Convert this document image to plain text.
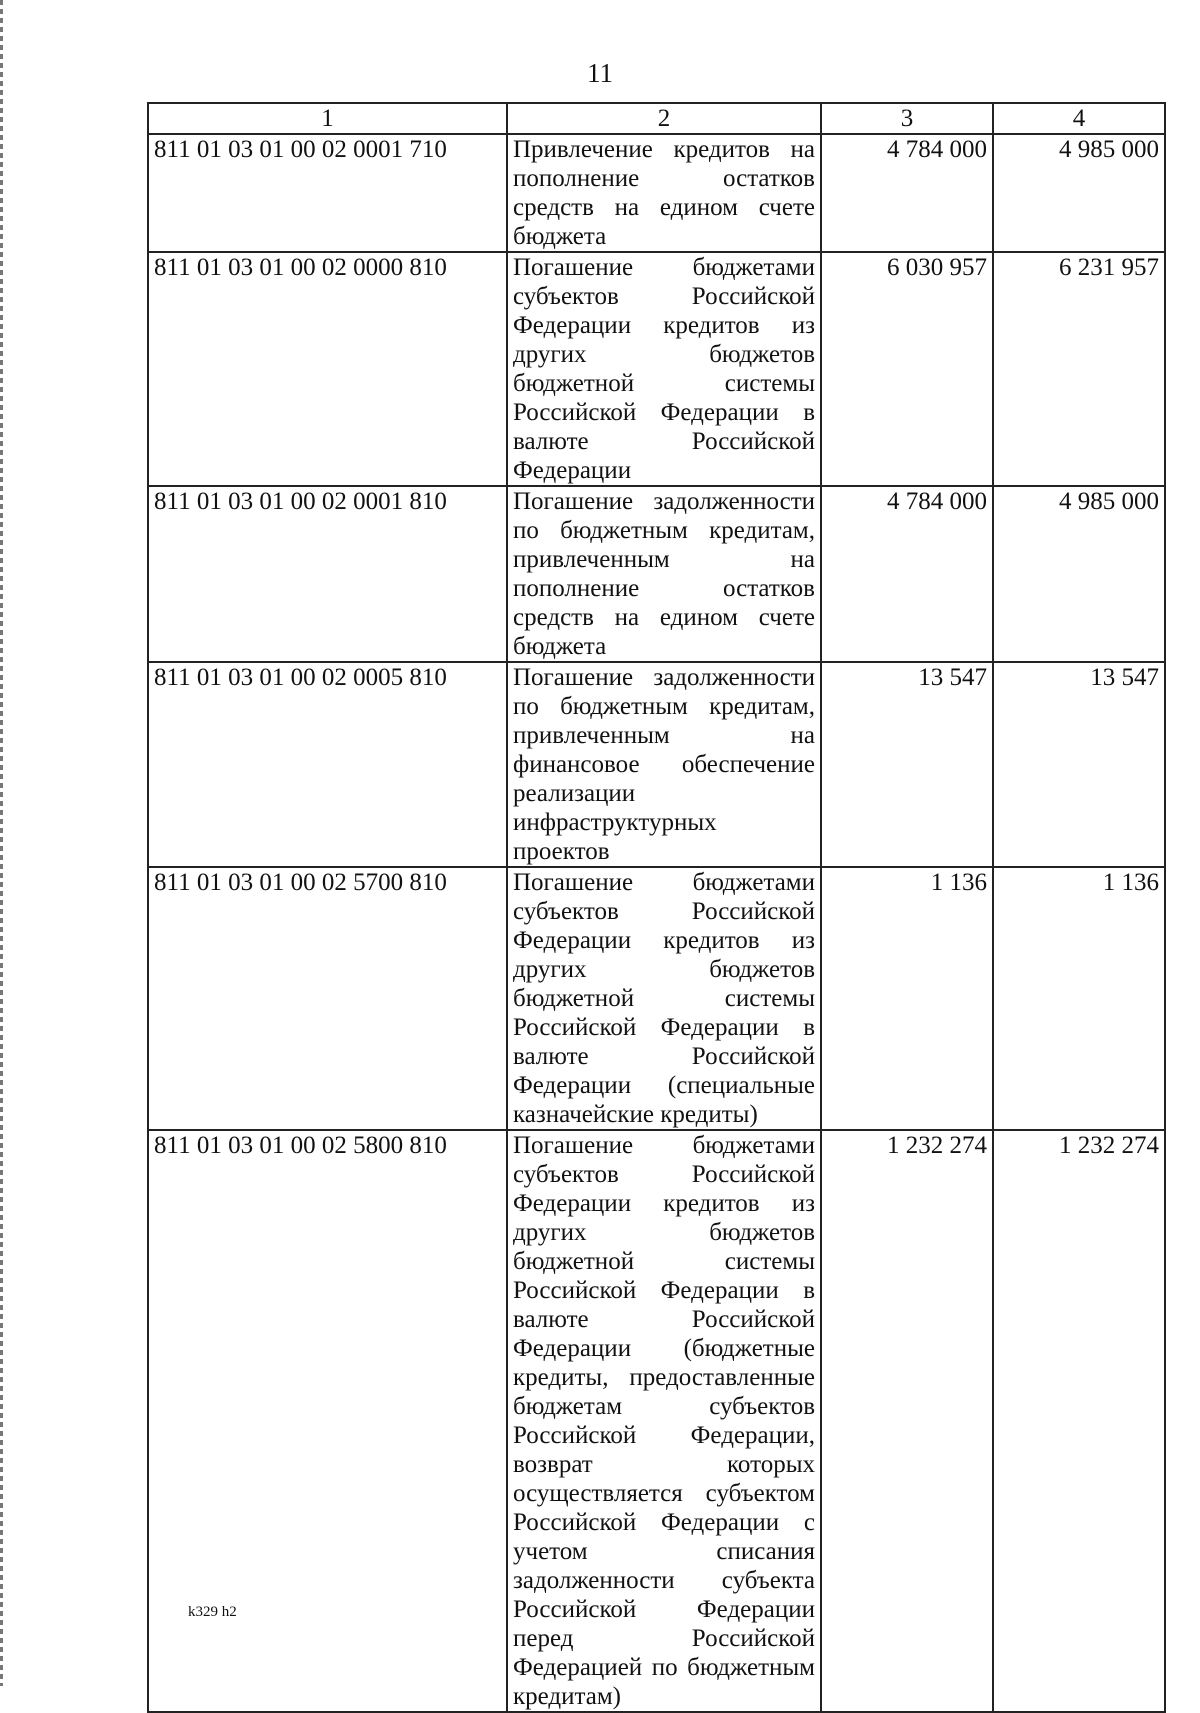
11
1	2	3	4
811 01 03 01 00 02 0001 710	Привлечение кредитов на пополнение остатков средств на едином счете бюджета	4 784 000	4 985 000
811 01 03 01 00 02 0000 810	Погашение бюджетами субъектов Российской Федерации кредитов из других бюджетов бюджетной системы Российской Федерации в валюте Российской Федерации	6 030 957	6 231 957
811 01 03 01 00 02 0001 810	Погашение задолженности по бюджетным кредитам, привлеченным на пополнение остатков средств на едином счете бюджета	4 784 000	4 985 000
811 01 03 01 00 02 0005 810	Погашение задолженности по бюджетным кредитам, привлеченным на финансовое обеспечение реализации инфраструктурных проектов	13 547	13 547
811 01 03 01 00 02 5700 810	Погашение бюджетами субъектов Российской Федерации кредитов из других бюджетов бюджетной системы Российской Федерации в валюте Российской Федерации (специальные казначейские кредиты)	1 136	1 136
811 01 03 01 00 02 5800 810	Погашение бюджетами субъектов Российской Федерации кредитов из других бюджетов бюджетной системы Российской Федерации в валюте Российской Федерации (бюджетные кредиты, предоставленные бюджетам субъектов Российской Федерации, возврат которых осуществляется субъектом Российской Федерации с учетом списания задолженности субъекта Российской Федерации перед Российской Федерацией по бюджетным кредитам)	1 232 274	1 232 274
k329 h2
